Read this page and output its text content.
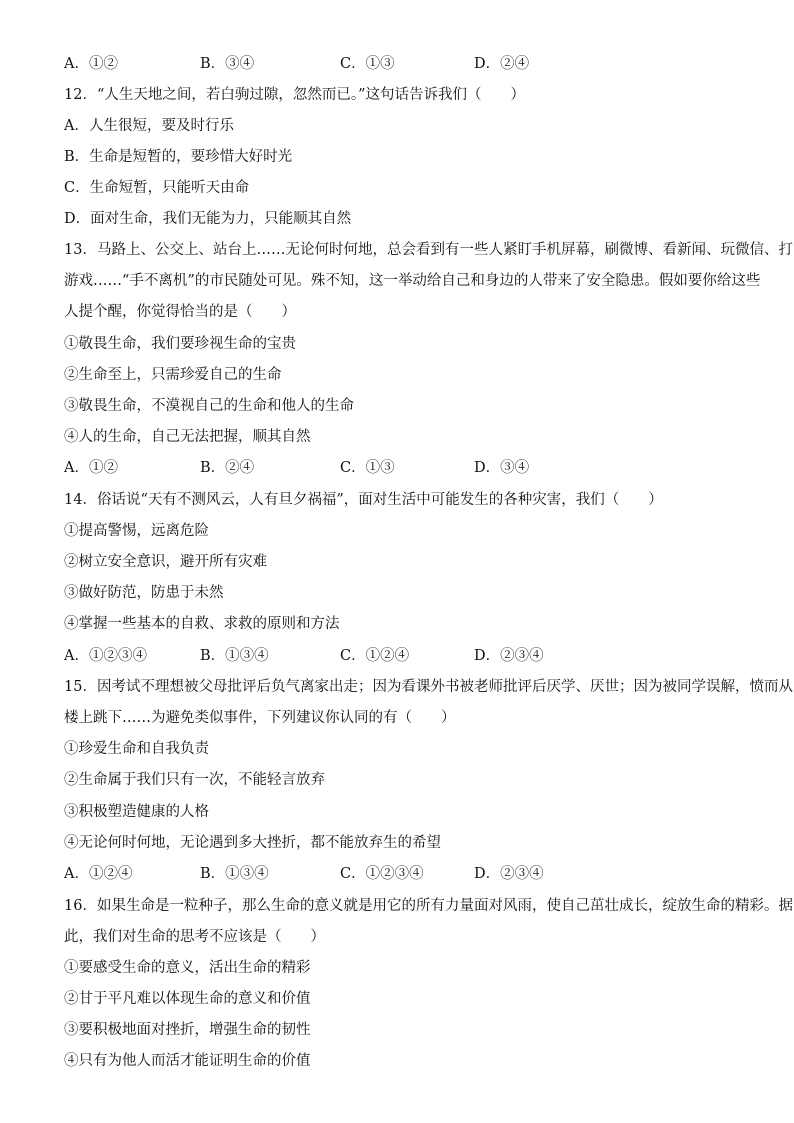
A．①②	B．③④	C．①③	D．②④
12．“人生天地之间，若白驹过隙，忽然而已。”这句话告诉我们（　　）
A．人生很短，要及时行乐
B．生命是短暂的，要珍惜大好时光
C．生命短暂，只能听天由命
D．面对生命，我们无能为力，只能顺其自然
13．马路上、公交上、站台上……无论何时何地，总会看到有一些人紧盯手机屏幕，刷微博、看新闻、玩微信、打
游戏……“手不离机”的市民随处可见。殊不知，这一举动给自己和身边的人带来了安全隐患。假如要你给这些
人提个醒，你觉得恰当的是（　　）
①敬畏生命，我们要珍视生命的宝贵
②生命至上，只需珍爱自己的生命
③敬畏生命，不漠视自己的生命和他人的生命
④人的生命，自己无法把握，顺其自然
A．①②	B．②④	C．①③	D．③④
14．俗话说“天有不测风云，人有旦夕祸福”，面对生活中可能发生的各种灾害，我们（　　）
①提高警惕，远离危险
②树立安全意识，避开所有灾难
③做好防范，防患于未然
④掌握一些基本的自救、求救的原则和方法
A．①②③④	B．①③④	C．①②④	D．②③④
15．因考试不理想被父母批评后负气离家出走；因为看课外书被老师批评后厌学、厌世；因为被同学误解，愤而从
楼上跳下……为避免类似事件，下列建议你认同的有（　　）
①珍爱生命和自我负责
②生命属于我们只有一次，不能轻言放弃
③积极塑造健康的人格
④无论何时何地，无论遇到多大挫折，都不能放弃生的希望
A．①②④	B．①③④	C．①②③④	D．②③④
16．如果生命是一粒种子，那么生命的意义就是用它的所有力量面对风雨，使自己茁壮成长，绽放生命的精彩。据
此，我们对生命的思考不应该是（　　）
①要感受生命的意义，活出生命的精彩
②甘于平凡难以体现生命的意义和价值
③要积极地面对挫折，增强生命的韧性
④只有为他人而活才能证明生命的价值
